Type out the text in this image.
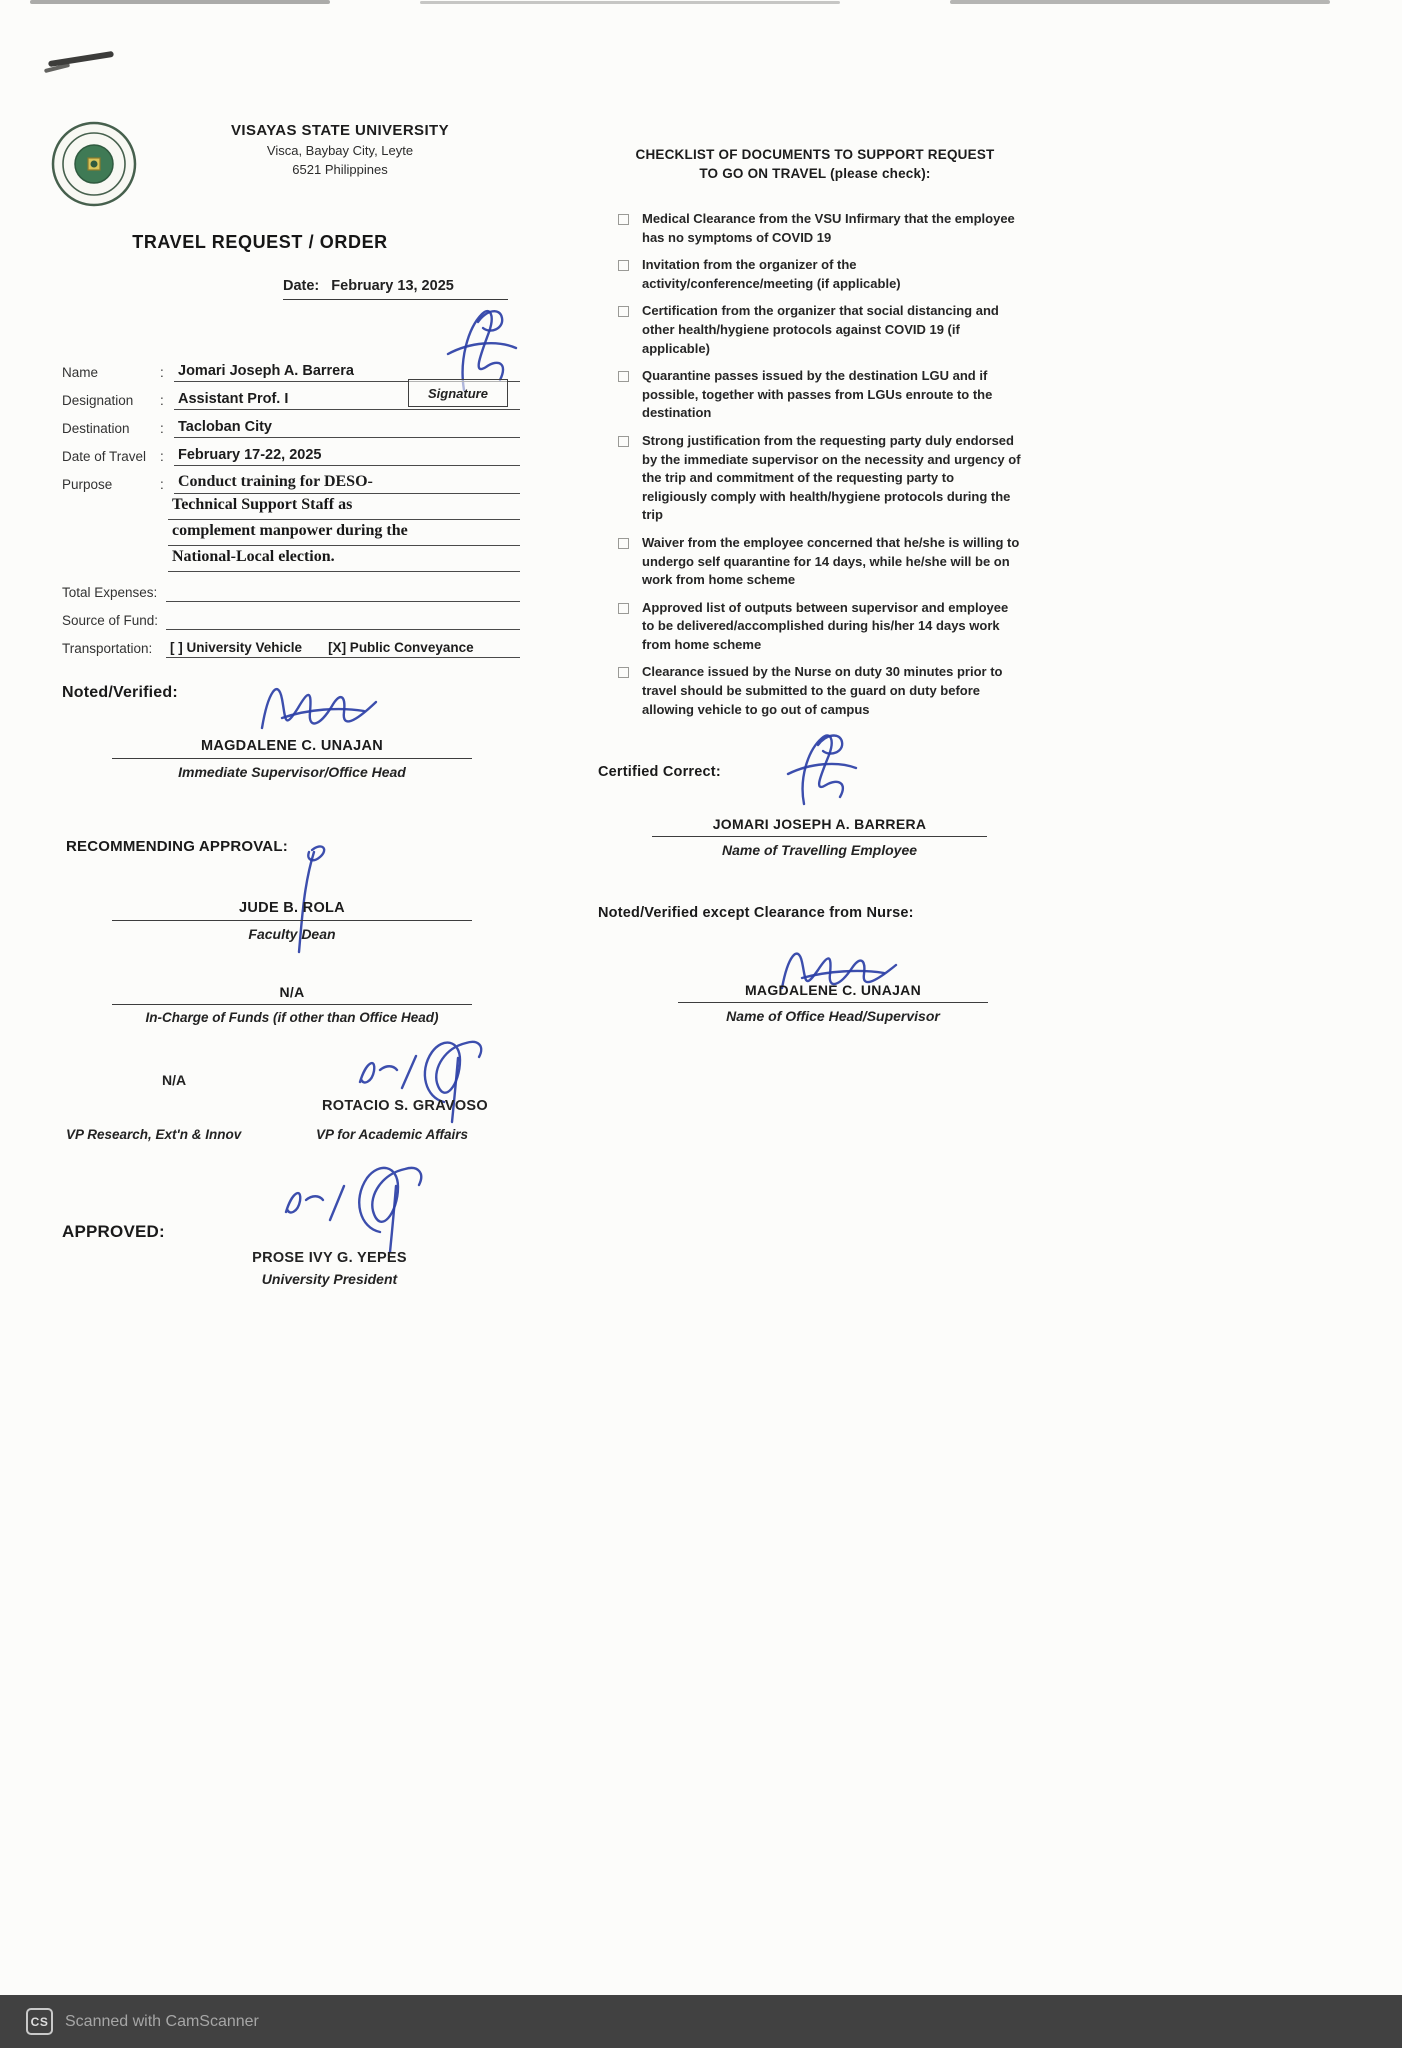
VISAYAS STATE UNIVERSITY
Visca, Baybay City, Leyte
6521 Philippines
TRAVEL REQUEST / ORDER
Date: February 13, 2025
Name	: Jomari Joseph A. Barrera
Designation	: Assistant Prof. I	Signature
Destination	: Tacloban City
Date of Travel	: February 17-22, 2025
Purpose	: Conduct training for DESO-
Technical Support Staff as
complement manpower during the
National-Local election.
Total Expenses:
Source of Fund:
Transportation:	[ ] University Vehicle [X] Public Conveyance
Noted/Verified:
MAGDALENE C. UNAJAN
Immediate Supervisor/Office Head
RECOMMENDING APPROVAL:
JUDE B. ROLA
Faculty Dean
N/A
In-Charge of Funds (if other than Office Head)
N/A
ROTACIO S. GRAVOSO
VP Research, Ext'n & Innov	VP for Academic Affairs
APPROVED:
PROSE IVY G. YEPES
University President
CHECKLIST OF DOCUMENTS TO SUPPORT REQUEST
TO GO ON TRAVEL (please check):
Medical Clearance from the VSU Infirmary that the employee has no symptoms of COVID 19
Invitation from the organizer of the activity/conference/meeting (if applicable)
Certification from the organizer that social distancing and other health/hygiene protocols against COVID 19 (if applicable)
Quarantine passes issued by the destination LGU and if possible, together with passes from LGUs enroute to the destination
Strong justification from the requesting party duly endorsed by the immediate supervisor on the necessity and urgency of the trip and commitment of the requesting party to religiously comply with health/hygiene protocols during the trip
Waiver from the employee concerned that he/she is willing to undergo self quarantine for 14 days, while he/she will be on work from home scheme
Approved list of outputs between supervisor and employee to be delivered/accomplished during his/her 14 days work from home scheme
Clearance issued by the Nurse on duty 30 minutes prior to travel should be submitted to the guard on duty before allowing vehicle to go out of campus
Certified Correct:
JOMARI JOSEPH A. BARRERA
Name of Travelling Employee
Noted/Verified except Clearance from Nurse:
MAGDALENE C. UNAJAN
Name of Office Head/Supervisor
CS Scanned with CamScanner
